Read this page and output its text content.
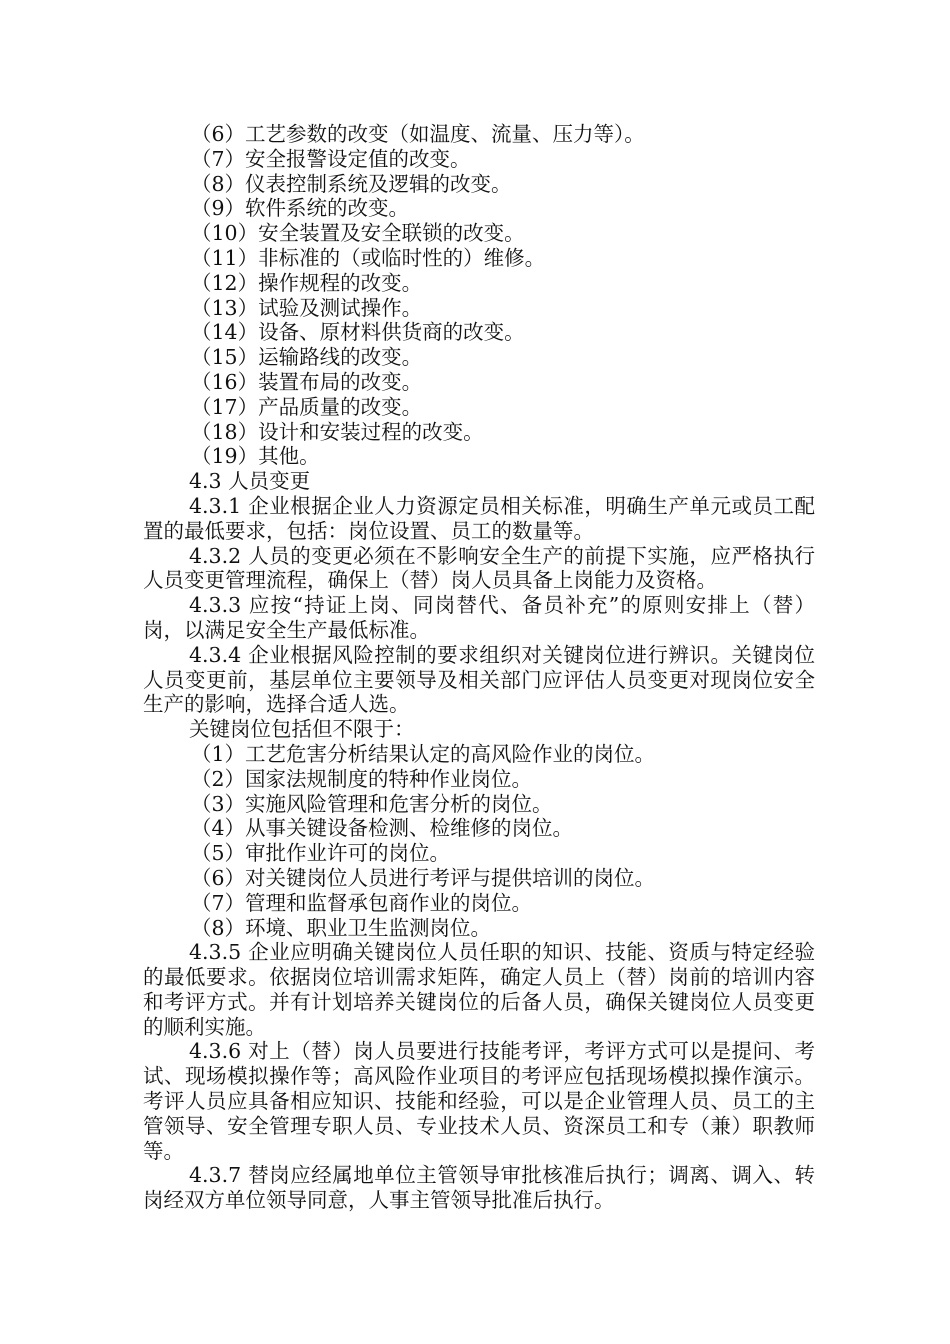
（6）工艺参数的改变（如温度、流量、压力等）。

（7）安全报警设定值的改变。

（8）仪表控制系统及逻辑的改变。

（9）软件系统的改变。

（10）安全装置及安全联锁的改变。

（11）非标准的（或临时性的）维修。

（12）操作规程的改变。

（13）试验及测试操作。

（14）设备、原材料供货商的改变。

（15）运输路线的改变。

（16）装置布局的改变。

（17）产品质量的改变。

（18）设计和安装过程的改变。

（19）其他。

4.3 人员变更

4.3.1 企业根据企业人力资源定员相关标准，明确生产单元或员工配置的最低要求，包括：岗位设置、员工的数量等。

4.3.2 人员的变更必须在不影响安全生产的前提下实施，应严格执行人员变更管理流程，确保上（替）岗人员具备上岗能力及资格。

4.3.3 应按“持证上岗、同岗替代、备员补充”的原则安排上（替）岗，以满足安全生产最低标准。

4.3.4 企业根据风险控制的要求组织对关键岗位进行辨识。关键岗位人员变更前，基层单位主要领导及相关部门应评估人员变更对现岗位安全生产的影响，选择合适人选。

关键岗位包括但不限于：

（1）工艺危害分析结果认定的高风险作业的岗位。

（2）国家法规制度的特种作业岗位。

（3）实施风险管理和危害分析的岗位。

（4）从事关键设备检测、检维修的岗位。

（5）审批作业许可的岗位。

（6）对关键岗位人员进行考评与提供培训的岗位。

（7）管理和监督承包商作业的岗位。

（8）环境、职业卫生监测岗位。

4.3.5 企业应明确关键岗位人员任职的知识、技能、资质与特定经验的最低要求。依据岗位培训需求矩阵，确定人员上（替）岗前的培训内容和考评方式。并有计划培养关键岗位的后备人员，确保关键岗位人员变更的顺利实施。

4.3.6 对上（替）岗人员要进行技能考评，考评方式可以是提问、考试、现场模拟操作等；高风险作业项目的考评应包括现场模拟操作演示。考评人员应具备相应知识、技能和经验，可以是企业管理人员、员工的主管领导、安全管理专职人员、专业技术人员、资深员工和专（兼）职教师等。

4.3.7 替岗应经属地单位主管领导审批核准后执行；调离、调入、转岗经双方单位领导同意，人事主管领导批准后执行。
